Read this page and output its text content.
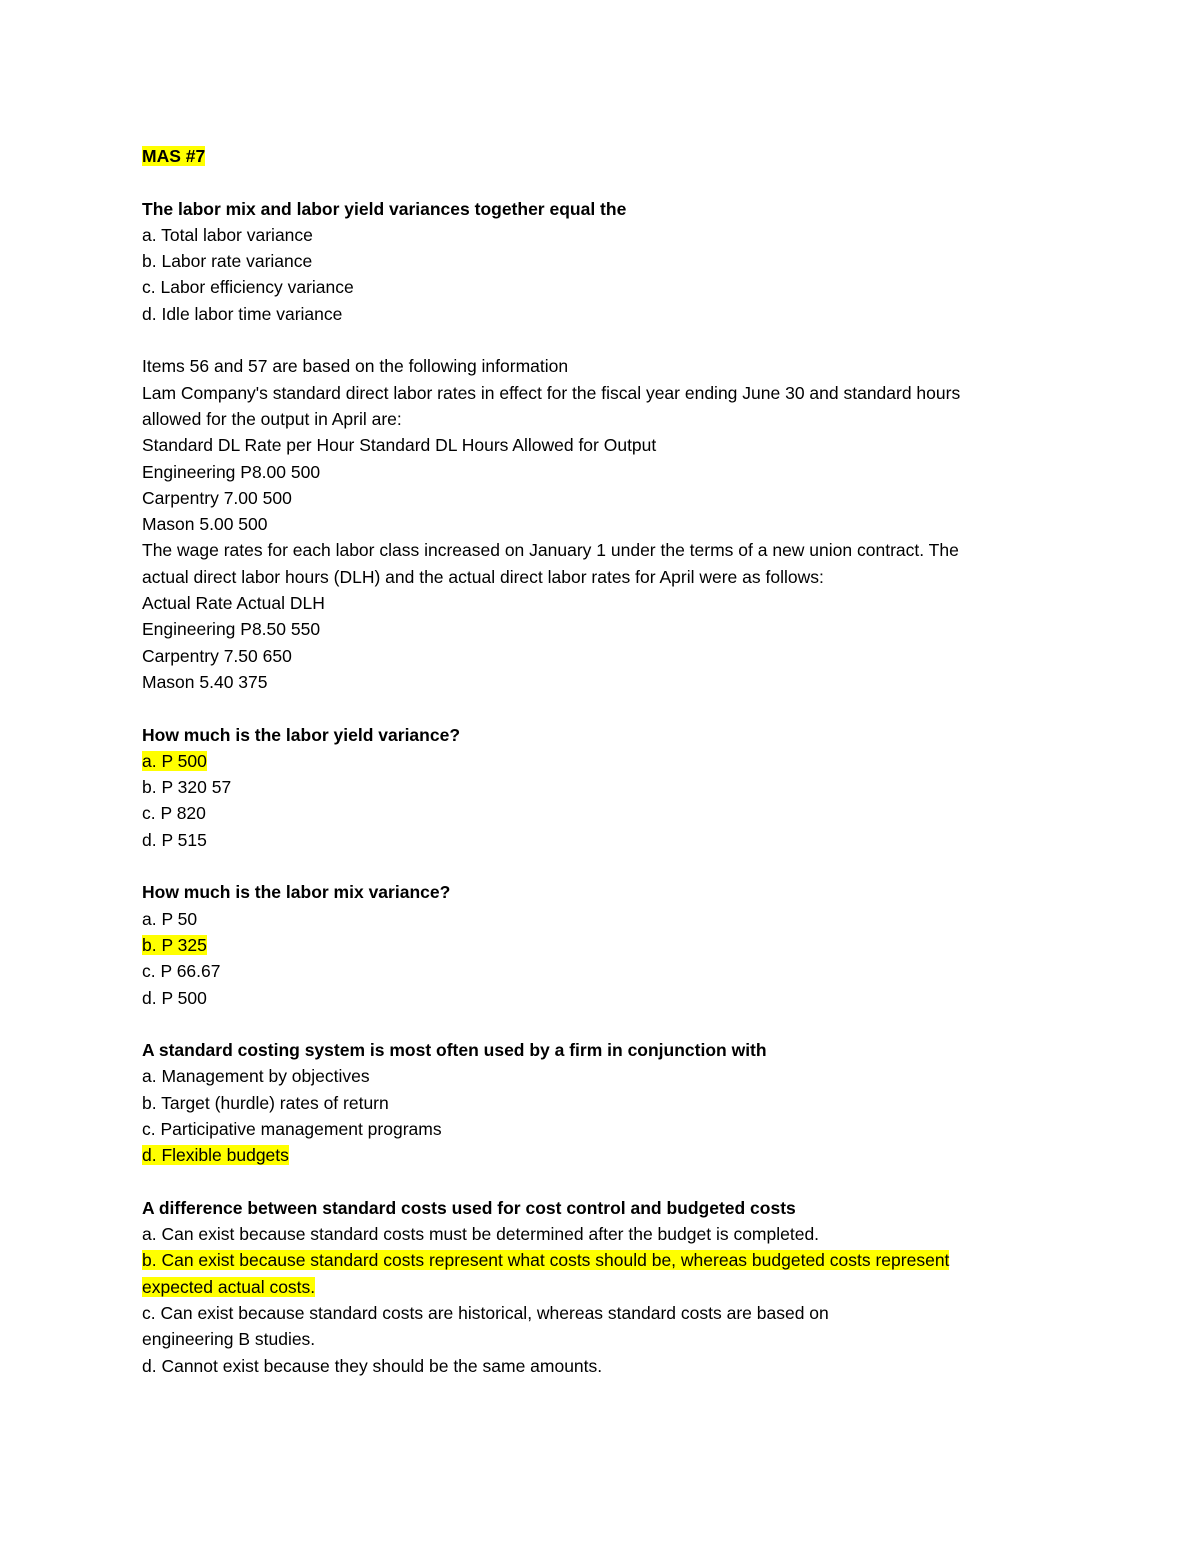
MAS #7
The labor mix and labor yield variances together equal the
a. Total labor variance
b. Labor rate variance
c. Labor efficiency variance
d. Idle labor time variance
Items 56 and 57 are based on the following information
Lam Company's standard direct labor rates in effect for the fiscal year ending June 30 and standard hours
allowed for the output in April are:
Standard DL Rate per Hour Standard DL Hours Allowed for Output
Engineering P8.00 500
Carpentry 7.00 500
Mason 5.00 500
The wage rates for each labor class increased on January 1 under the terms of a new union contract. The
actual direct labor hours (DLH) and the actual direct labor rates for April were as follows:
Actual Rate Actual DLH
Engineering P8.50 550
Carpentry 7.50 650
Mason 5.40 375
How much is the labor yield variance?
a. P 500
b. P 320 57
c. P 820
d. P 515
How much is the labor mix variance?
a. P 50
b. P 325
c. P 66.67
d. P 500
A standard costing system is most often used by a firm in conjunction with
a. Management by objectives
b. Target (hurdle) rates of return
c. Participative management programs
d. Flexible budgets
A difference between standard costs used for cost control and budgeted costs
a. Can exist because standard costs must be determined after the budget is completed.
b. Can exist because standard costs represent what costs should be, whereas budgeted costs represent
expected actual costs.
c. Can exist because standard costs are historical, whereas standard costs are based on
engineering B studies.
d. Cannot exist because they should be the same amounts.
